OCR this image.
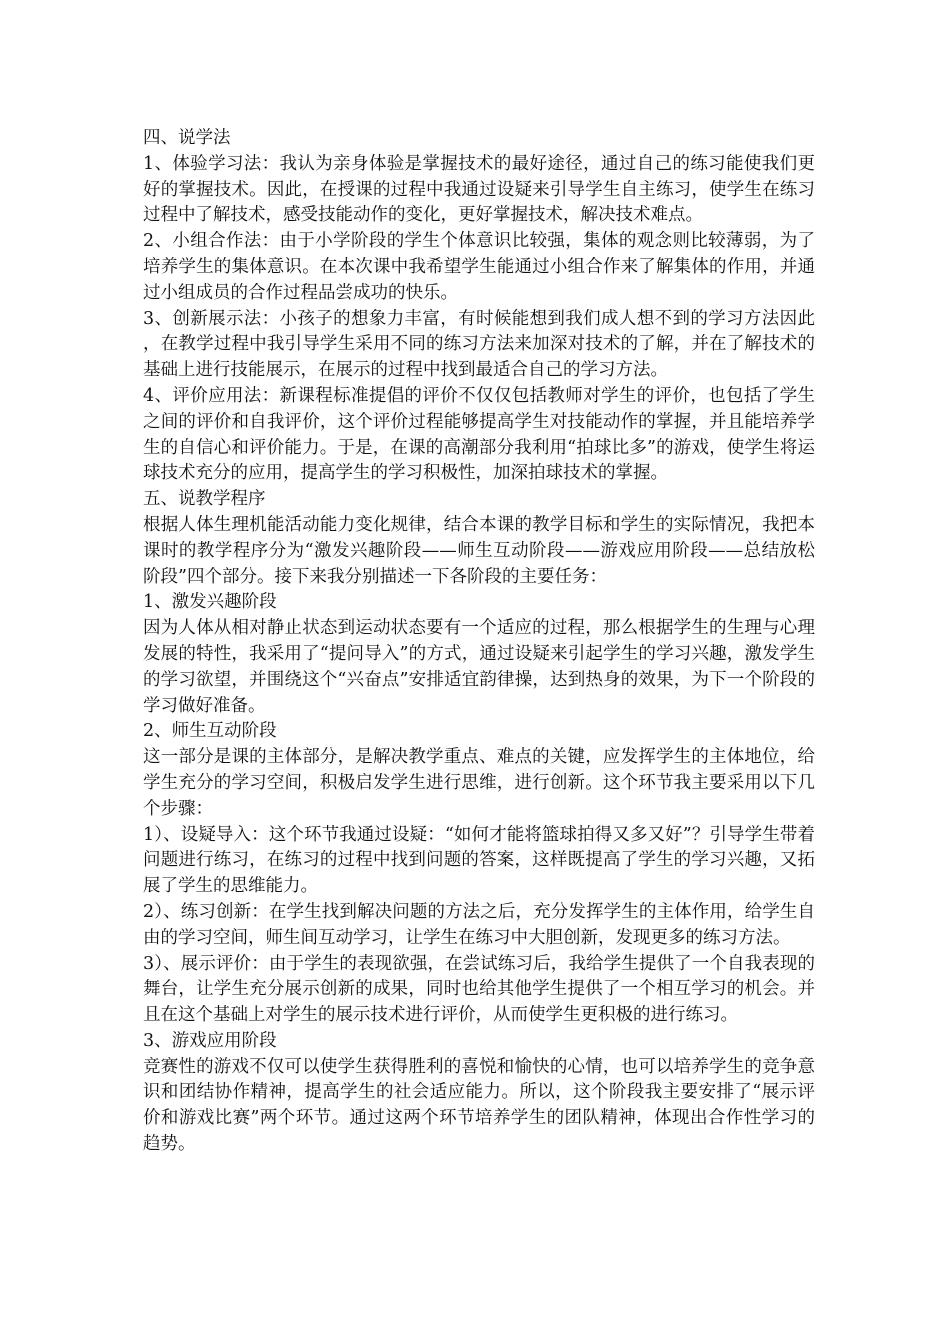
四、说学法

1、体验学习法：我认为亲身体验是掌握技术的最好途径，通过自己的练习能使我们更好的掌握技术。因此，在授课的过程中我通过设疑来引导学生自主练习，使学生在练习过程中了解技术，感受技能动作的变化，更好掌握技术，解决技术难点。

2、小组合作法：由于小学阶段的学生个体意识比较强，集体的观念则比较薄弱，为了培养学生的集体意识。在本次课中我希望学生能通过小组合作来了解集体的作用，并通过小组成员的合作过程品尝成功的快乐。

3、创新展示法：小孩子的想象力丰富，有时候能想到我们成人想不到的学习方法因此，在教学过程中我引导学生采用不同的练习方法来加深对技术的了解，并在了解技术的基础上进行技能展示，在展示的过程中找到最适合自己的学习方法。

4、评价应用法：新课程标准提倡的评价不仅仅包括教师对学生的评价，也包括了学生之间的评价和自我评价，这个评价过程能够提高学生对技能动作的掌握，并且能培养学生的自信心和评价能力。于是，在课的高潮部分我利用“拍球比多”的游戏，使学生将运球技术充分的应用，提高学生的学习积极性，加深拍球技术的掌握。

五、说教学程序

根据人体生理机能活动能力变化规律，结合本课的教学目标和学生的实际情况，我把本课时的教学程序分为“激发兴趣阶段——师生互动阶段——游戏应用阶段——总结放松阶段”四个部分。接下来我分别描述一下各阶段的主要任务：

1、激发兴趣阶段

因为人体从相对静止状态到运动状态要有一个适应的过程，那么根据学生的生理与心理发展的特性，我采用了“提问导入”的方式，通过设疑来引起学生的学习兴趣，激发学生的学习欲望，并围绕这个“兴奋点”安排适宜韵律操，达到热身的效果，为下一个阶段的学习做好准备。

2、师生互动阶段

这一部分是课的主体部分，是解决教学重点、难点的关键，应发挥学生的主体地位，给学生充分的学习空间，积极启发学生进行思维，进行创新。这个环节我主要采用以下几个步骤：

1）、设疑导入：这个环节我通过设疑：“如何才能将篮球拍得又多又好”？引导学生带着问题进行练习，在练习的过程中找到问题的答案，这样既提高了学生的学习兴趣，又拓展了学生的思维能力。

2）、练习创新：在学生找到解决问题的方法之后，充分发挥学生的主体作用，给学生自由的学习空间，师生间互动学习，让学生在练习中大胆创新，发现更多的练习方法。

3）、展示评价：由于学生的表现欲强，在尝试练习后，我给学生提供了一个自我表现的舞台，让学生充分展示创新的成果，同时也给其他学生提供了一个相互学习的机会。并且在这个基础上对学生的展示技术进行评价，从而使学生更积极的进行练习。

3、游戏应用阶段

竞赛性的游戏不仅可以使学生获得胜利的喜悦和愉快的心情，也可以培养学生的竞争意识和团结协作精神，提高学生的社会适应能力。所以，这个阶段我主要安排了“展示评价和游戏比赛”两个环节。通过这两个环节培养学生的团队精神，体现出合作性学习的趋势。
